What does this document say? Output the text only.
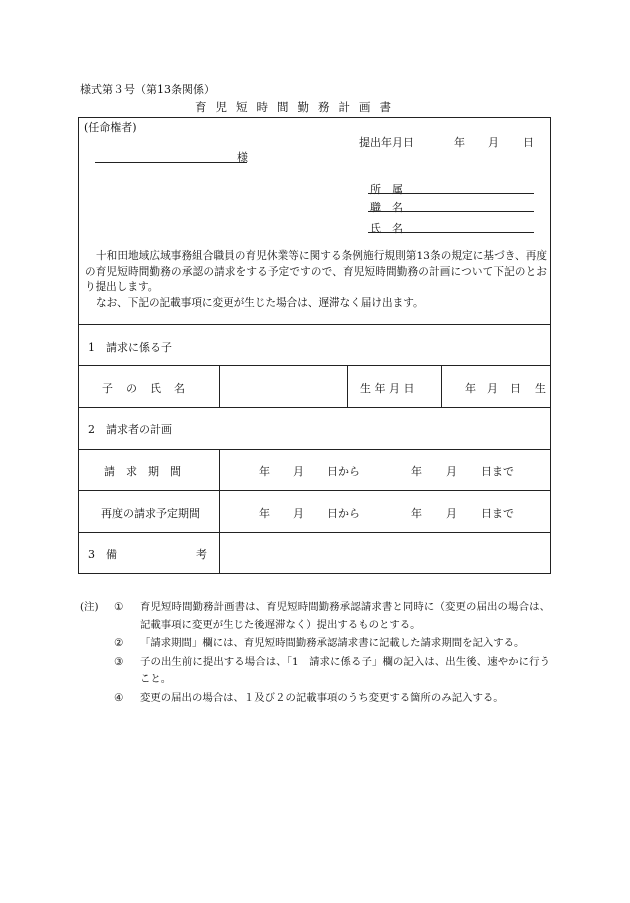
様式第３号（第13条関係）
育児短時間勤務計画書
(任命権者)
提出年月日	年 月 日
様
所　属
職　名
氏　名

十和田地域広域事務組合職員の育児休業等に関する条例施行規則第13条の規定に基づき、再度の育児短時間勤務の承認の請求をする予定ですので、育児短時間勤務の計画について下記のとおり提出します。

なお、下記の記載事項に変更が生じた場合は、遅滞なく届け出ます。

1　請求に係る子
子　の　氏　名	生 年 月 日	年 月 日 生
2　請求者の計画
請　求　期　間	年 月 日から	年 月 日まで
再度の請求予定期間	年 月 日から	年 月 日まで
3　備	考
(注) ① 育児短時間勤務計画書は、育児短時間勤務承認請求書と同時に（変更の届出の場合は、記載事項に変更が生じた後遅滞なく）提出するものとする。
② 「請求期間」欄には、育児短時間勤務承認請求書に記載した請求期間を記入する。
③ 子の出生前に提出する場合は、「1　請求に係る子」欄の記入は、出生後、速やかに行うこと。
④ 変更の届出の場合は、１及び２の記載事項のうち変更する箇所のみ記入する。
